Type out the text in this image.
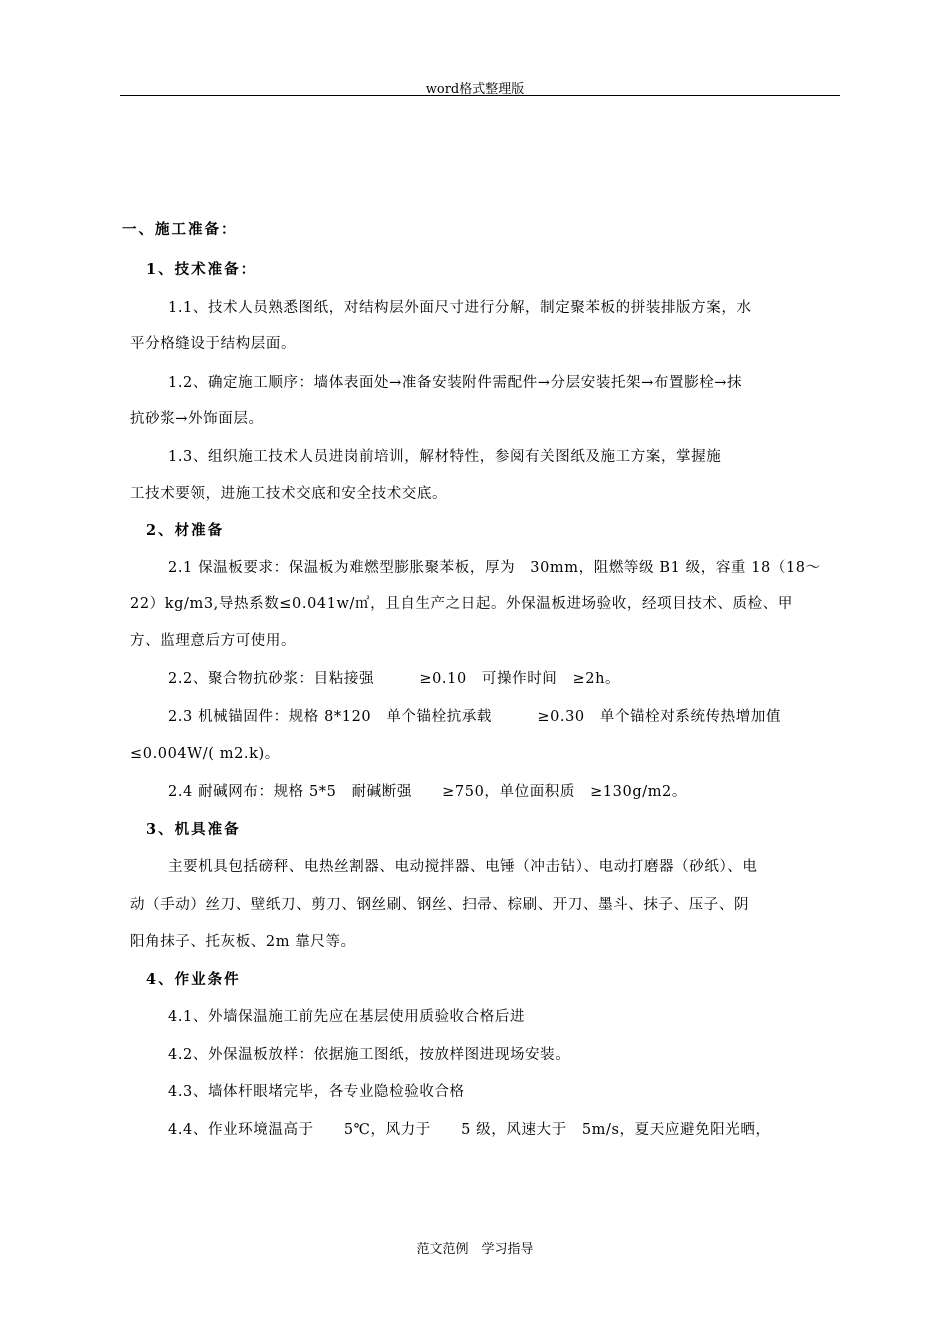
word格式整理版
一、施工准备：
1、技术准备：
1.1、技术人员熟悉图纸，对结构层外面尺寸进行分解，制定聚苯板的拼装排版方案，水
平分格缝设于结构层面。
1.2、确定施工顺序：墙体表面处→准备安装附件需配件→分层安装托架→布置膨栓→抹
抗砂浆→外饰面层。
1.3、组织施工技术人员进岗前培训，解材特性，参阅有关图纸及施工方案，掌握施
工技术要领，进施工技术交底和安全技术交底。
2、材准备
2.1 保温板要求：保温板为难燃型膨胀聚苯板，厚为　30mm，阻燃等级 B1 级，容重 18（18～
22）kg/m3,导热系数≤0.041w/㎡，且自生产之日起。外保温板进场验收，经项目技术、质检、甲
方、监理意后方可使用。
2.2、聚合物抗砂浆：目粘接强　　　≥0.10　可操作时间　≥2h。
2.3 机械锚固件：规格 8*120　单个锚栓抗承载　　　≥0.30　单个锚栓对系统传热增加值
≤0.004W/( m2.k)。
2.4 耐碱网布：规格 5*5　耐碱断强　　≥750，单位面积质　≥130g/m2。
3、机具准备
主要机具包括磅秤、电热丝割器、电动搅拌器、电锤（冲击钻）、电动打磨器（砂纸）、电
动（手动）丝刀、壁纸刀、剪刀、钢丝刷、钢丝、扫帚、棕刷、开刀、墨斗、抹子、压子、阴
阳角抹子、托灰板、2m 靠尺等。
4、作业条件
4.1、外墙保温施工前先应在基层使用质验收合格后进
4.2、外保温板放样：依据施工图纸，按放样图进现场安装。
4.3、墙体杆眼堵完毕，各专业隐检验收合格
4.4、作业环境温高于　　5℃，风力于　　5 级，风速大于　5m/s，夏天应避免阳光晒，
范文范例　学习指导
